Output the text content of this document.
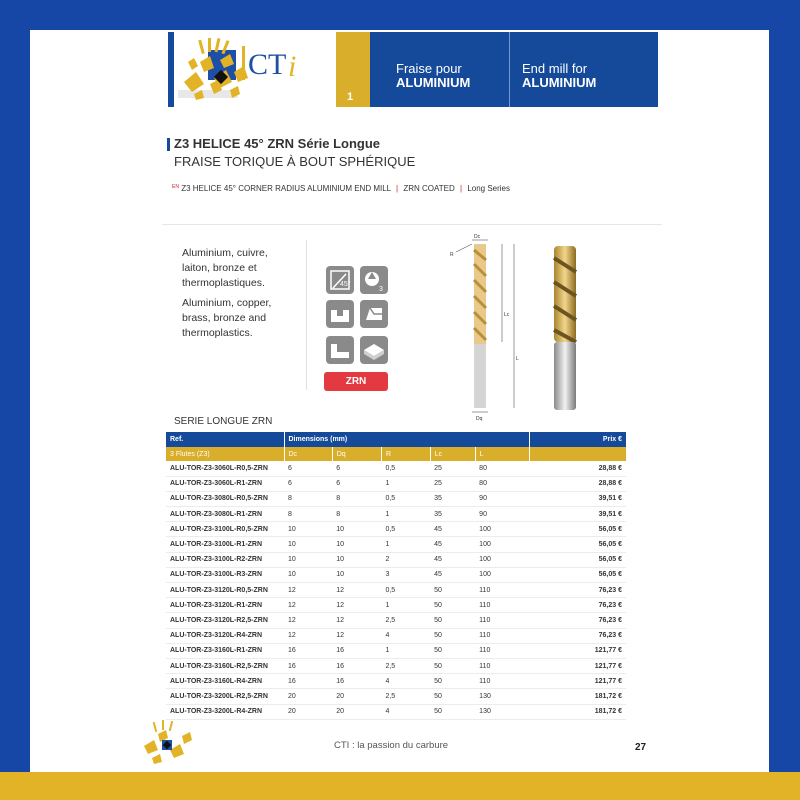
CT i
1
Fraise pour
ALUMINIUM
End mill for
ALUMINIUM
Z3 HELICE 45° ZRN Série Longue
FRAISE TORIQUE À BOUT SPHÉRIQUE
$^{EN}$ Z3 HELICE 45° CORNER RADIUS ALUMINIUM END MILL | ZRN COATED | Long Series
Aluminium, cuivre,
laiton, bronze et
thermoplastiques.
Aluminium, copper,
brass, bronze and
thermoplastics.
45°
3
ZRN
Dc
R
Lc
L
Dq
SERIE LONGUE ZRN
Ref.	Dimensions (mm)					Prix €
3 Flutes (Z3)	Dc	Dq	R	Lc	L	
ALU-TOR-Z3-3060L-R0,5-ZRN	6	6	0,5	25	80	28,88 €
ALU-TOR-Z3-3060L-R1-ZRN	6	6	1	25	80	28,88 €
ALU-TOR-Z3-3080L-R0,5-ZRN	8	8	0,5	35	90	39,51 €
ALU-TOR-Z3-3080L-R1-ZRN	8	8	1	35	90	39,51 €
ALU-TOR-Z3-3100L-R0,5-ZRN	10	10	0,5	45	100	56,05 €
ALU-TOR-Z3-3100L-R1-ZRN	10	10	1	45	100	56,05 €
ALU-TOR-Z3-3100L-R2-ZRN	10	10	2	45	100	56,05 €
ALU-TOR-Z3-3100L-R3-ZRN	10	10	3	45	100	56,05 €
ALU-TOR-Z3-3120L-R0,5-ZRN	12	12	0,5	50	110	76,23 €
ALU-TOR-Z3-3120L-R1-ZRN	12	12	1	50	110	76,23 €
ALU-TOR-Z3-3120L-R2,5-ZRN	12	12	2,5	50	110	76,23 €
ALU-TOR-Z3-3120L-R4-ZRN	12	12	4	50	110	76,23 €
ALU-TOR-Z3-3160L-R1-ZRN	16	16	1	50	110	121,77 €
ALU-TOR-Z3-3160L-R2,5-ZRN	16	16	2,5	50	110	121,77 €
ALU-TOR-Z3-3160L-R4-ZRN	16	16	4	50	110	121,77 €
ALU-TOR-Z3-3200L-R2,5-ZRN	20	20	2,5	50	130	181,72 €
ALU-TOR-Z3-3200L-R4-ZRN	20	20	4	50	130	181,72 €
CTI : la passion du carbure	27
